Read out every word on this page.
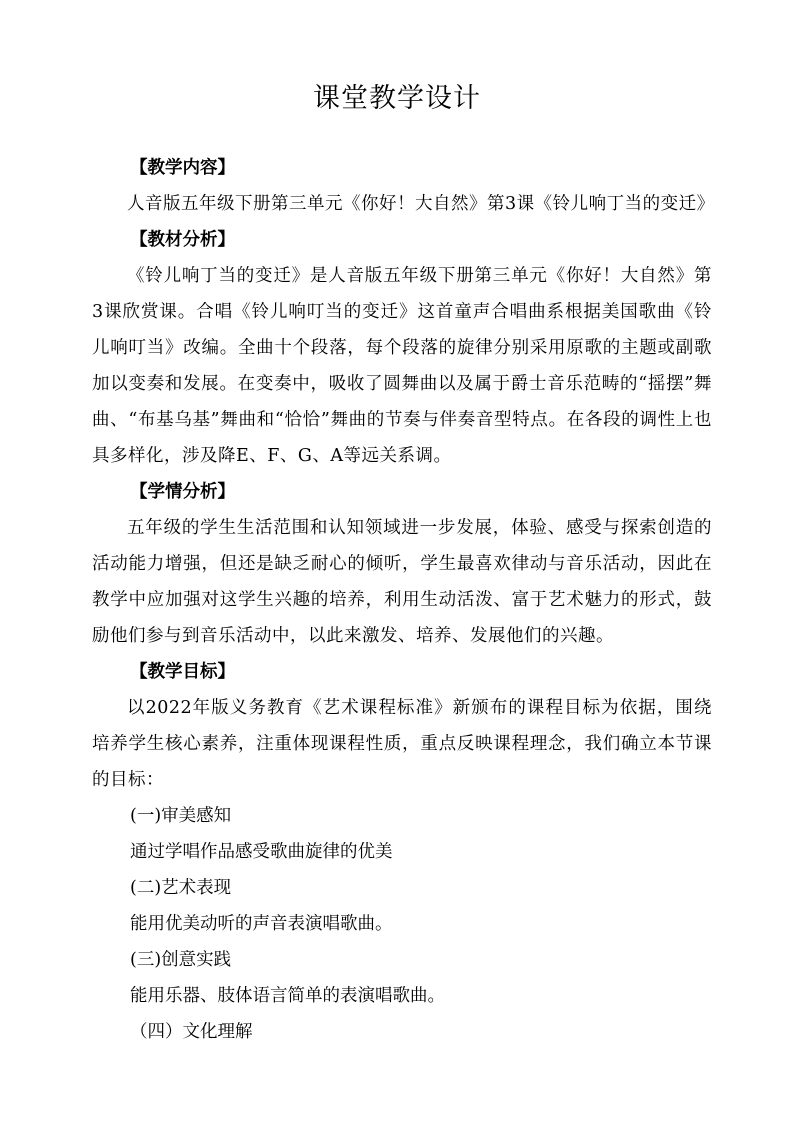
课堂教学设计

【教学内容】

人音版五年级下册第三单元《你好！大自然》第3课《铃儿响丁当的变迁》

【教材分析】

《铃儿响丁当的变迁》是人音版五年级下册第三单元《你好！大自然》第3课欣赏课。合唱《铃儿响叮当的变迁》这首童声合唱曲系根据美国歌曲《铃儿响叮当》改编。全曲十个段落，每个段落的旋律分别采用原歌的主题或副歌加以变奏和发展。在变奏中，吸收了圆舞曲以及属于爵士音乐范畴的“摇摆”舞曲、“布基乌基”舞曲和“恰恰”舞曲的节奏与伴奏音型特点。在各段的调性上也具多样化，涉及降E、F、G、A等远关系调。

【学情分析】

五年级的学生生活范围和认知领域进一步发展，体验、感受与探索创造的活动能力增强，但还是缺乏耐心的倾听，学生最喜欢律动与音乐活动，因此在教学中应加强对这学生兴趣的培养，利用生动活泼、富于艺术魅力的形式，鼓励他们参与到音乐活动中，以此来激发、培养、发展他们的兴趣。

【教学目标】

以2022年版义务教育《艺术课程标准》新颁布的课程目标为依据，围绕培养学生核心素养，注重体现课程性质，重点反映课程理念，我们确立本节课的目标：

(一)审美感知

通过学唱作品感受歌曲旋律的优美

(二)艺术表现

能用优美动听的声音表演唱歌曲。

(三)创意实践

能用乐器、肢体语言简单的表演唱歌曲。

（四）文化理解
